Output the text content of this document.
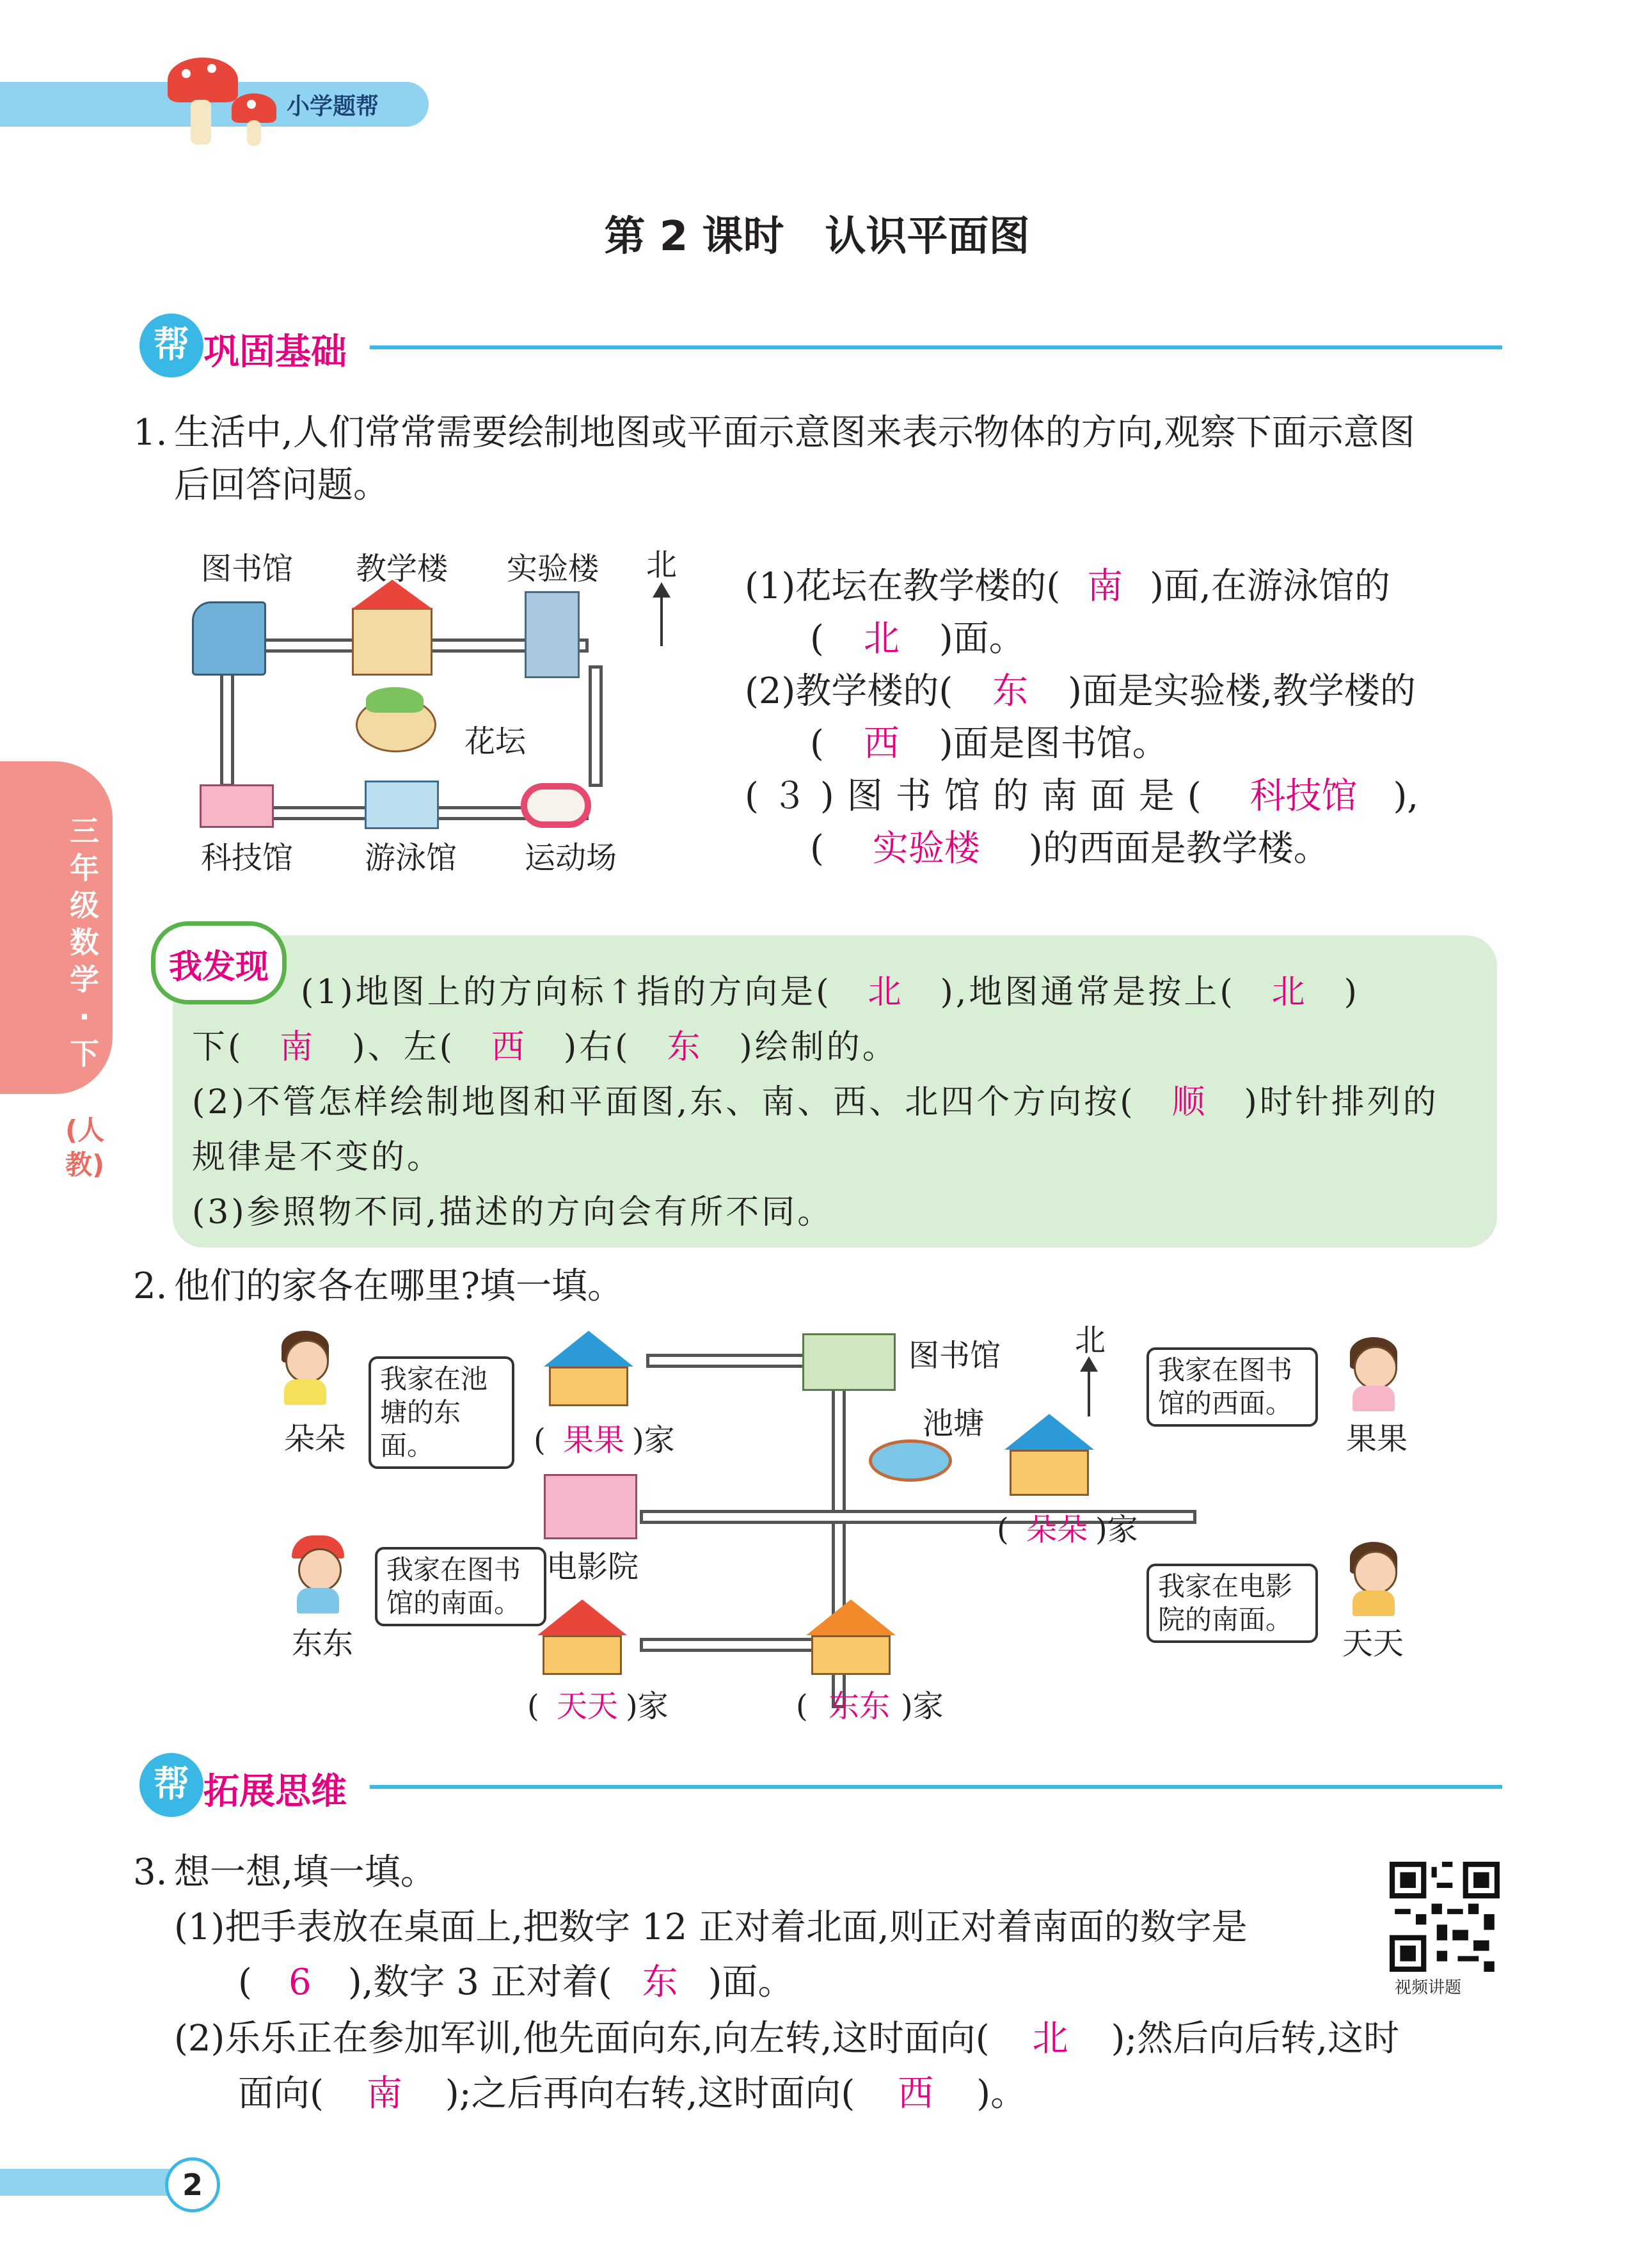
小学题帮
第 2 课时　认识平面图
三年级数学·下
(人教)
帮 巩固基础
1. 生活中,人们常常需要绘制地图或平面示意图来表示物体的方向,观察下面示意图
后回答问题。
图书馆 教学楼 实验楼 北
花坛
科技馆 游泳馆 运动场
(1)花坛在教学楼的( 南 )面,在游泳馆的
( 北 )面。
(2)教学楼的( 东 )面是实验楼,教学楼的
( 西 )面是图书馆。
(３)图书馆的南面是( 科技馆 ),
( 实验楼 )的西面是教学楼。
我发现
(1)地图上的方向标↑指的方向是( 北 ),地图通常是按上( 北 )
下( 南 )、左( 西 )右( 东 )绘制的。
(2)不管怎样绘制地图和平面图,东、南、西、北四个方向按( 顺 )时针排列的
规律是不变的。
(3)参照物不同,描述的方向会有所不同。
2. 他们的家各在哪里?填一填。
北
图书馆
池塘
( 果果 )家
( 朵朵 )家
电影院
( 天天 )家	( 东东 )家
朵朵
我家在池塘的东面。	果果
我家在图书馆的西面。
东东
我家在图书馆的南面。
天天
我家在电影院的南面。
帮 拓展思维
3. 想一想,填一填。
(1)把手表放在桌面上,把数字 12 正对着北面,则正对着南面的数字是
( 6 ),数字 3 正对着( 东 )面。
(2)乐乐正在参加军训,他先面向东,向左转,这时面向( 北 );然后向后转,这时
面向( 南 );之后再向右转,这时面向( 西 )。
视频讲题
2
